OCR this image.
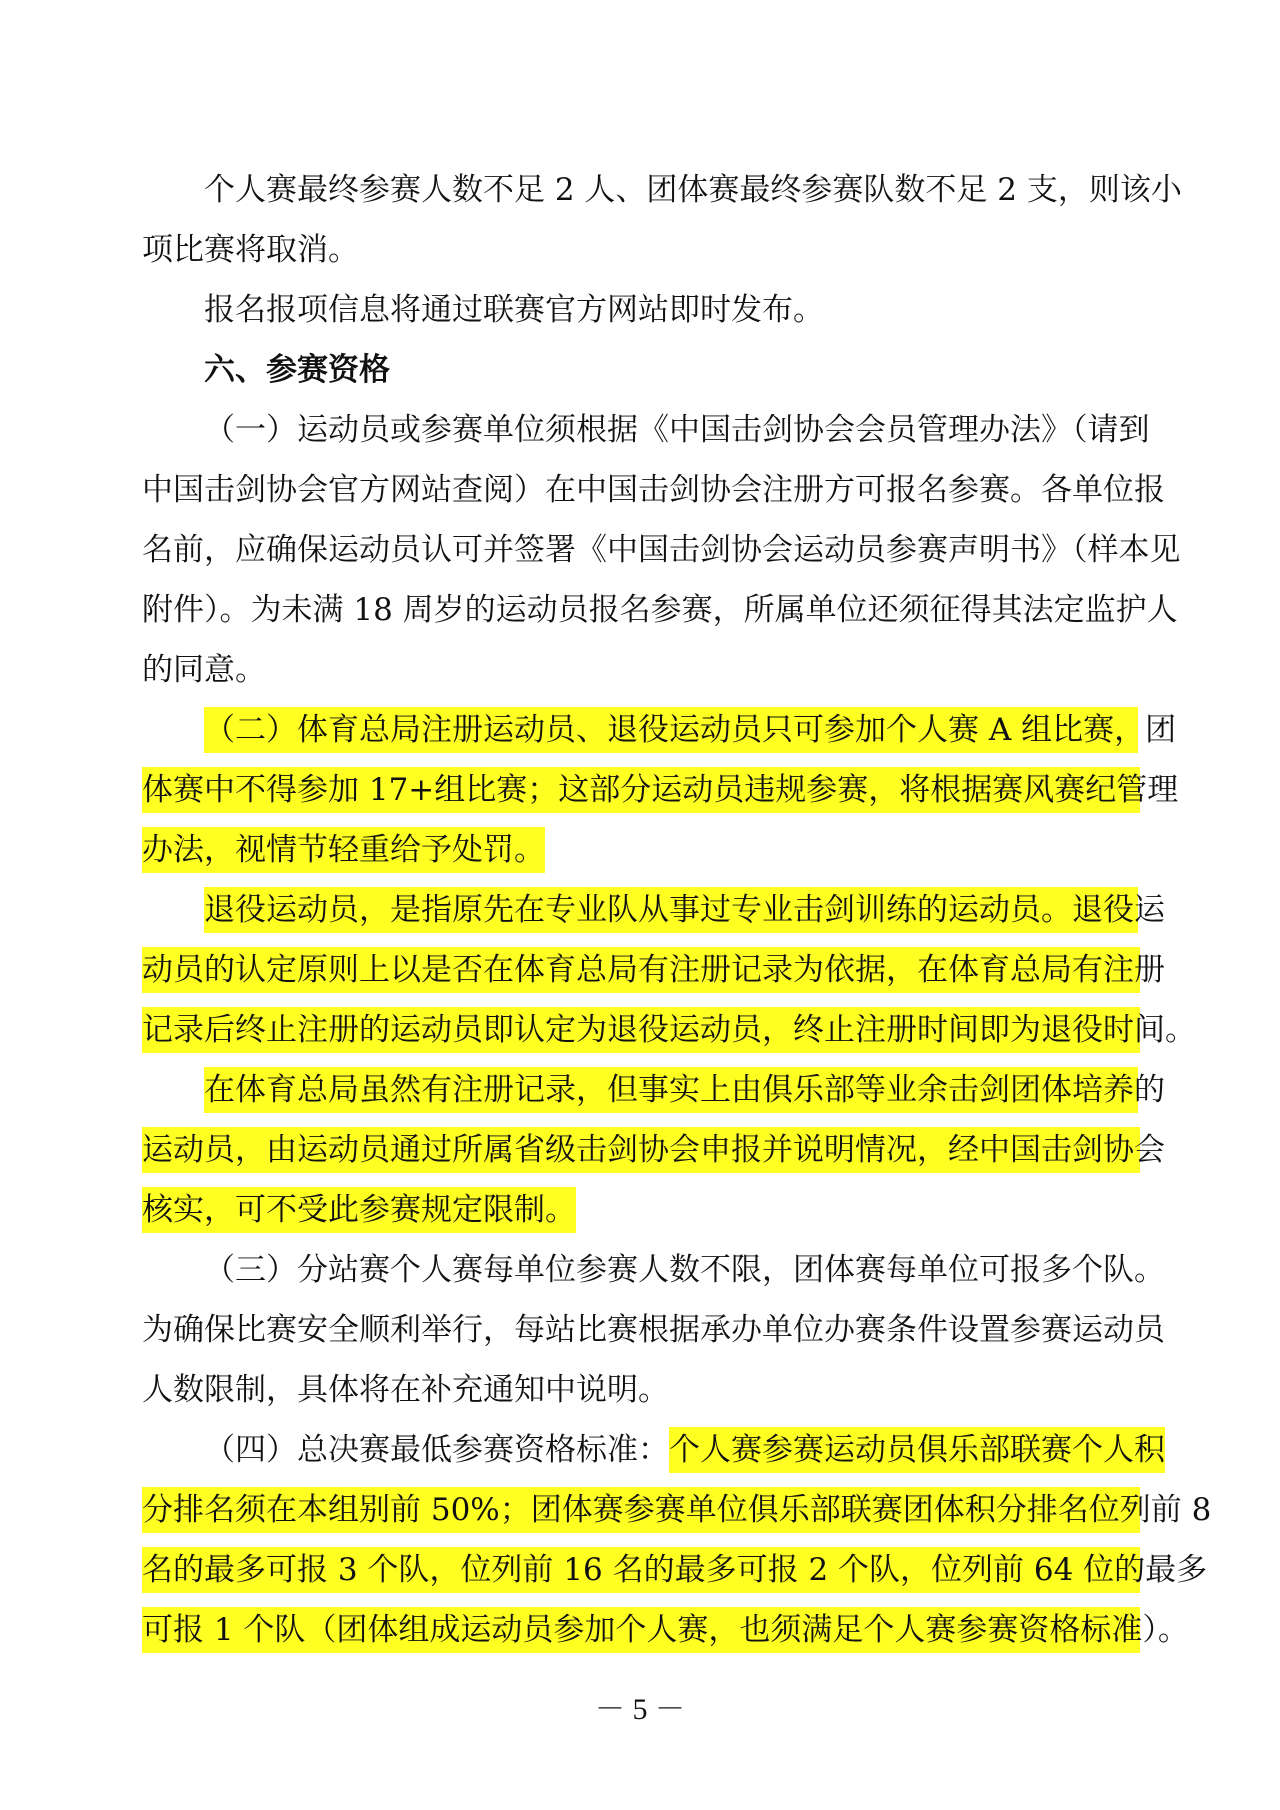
个人赛最终参赛人数不足 2 人、团体赛最终参赛队数不足 2 支，则该小
项比赛将取消。
报名报项信息将通过联赛官方网站即时发布。
六、参赛资格
（一）运动员或参赛单位须根据《中国击剑协会会员管理办法》（请到
中国击剑协会官方网站查阅）在中国击剑协会注册方可报名参赛。各单位报
名前，应确保运动员认可并签署《中国击剑协会运动员参赛声明书》（样本见
附件）。为未满 18 周岁的运动员报名参赛，所属单位还须征得其法定监护人
的同意。
（二）体育总局注册运动员、退役运动员只可参加个人赛 A 组比赛，团
体赛中不得参加 17+组比赛；这部分运动员违规参赛，将根据赛风赛纪管理
办法，视情节轻重给予处罚。
退役运动员，是指原先在专业队从事过专业击剑训练的运动员。退役运
动员的认定原则上以是否在体育总局有注册记录为依据，在体育总局有注册
记录后终止注册的运动员即认定为退役运动员，终止注册时间即为退役时间。
在体育总局虽然有注册记录，但事实上由俱乐部等业余击剑团体培养的
运动员，由运动员通过所属省级击剑协会申报并说明情况，经中国击剑协会
核实，可不受此参赛规定限制。
（三）分站赛个人赛每单位参赛人数不限，团体赛每单位可报多个队。
为确保比赛安全顺利举行，每站比赛根据承办单位办赛条件设置参赛运动员
人数限制，具体将在补充通知中说明。
（四）总决赛最低参赛资格标准：个人赛参赛运动员俱乐部联赛个人积
分排名须在本组别前 50%；团体赛参赛单位俱乐部联赛团体积分排名位列前 8
名的最多可报 3 个队，位列前 16 名的最多可报 2 个队，位列前 64 位的最多
可报 1 个队（团体组成运动员参加个人赛，也须满足个人赛参赛资格标准）。
－ 5 －
